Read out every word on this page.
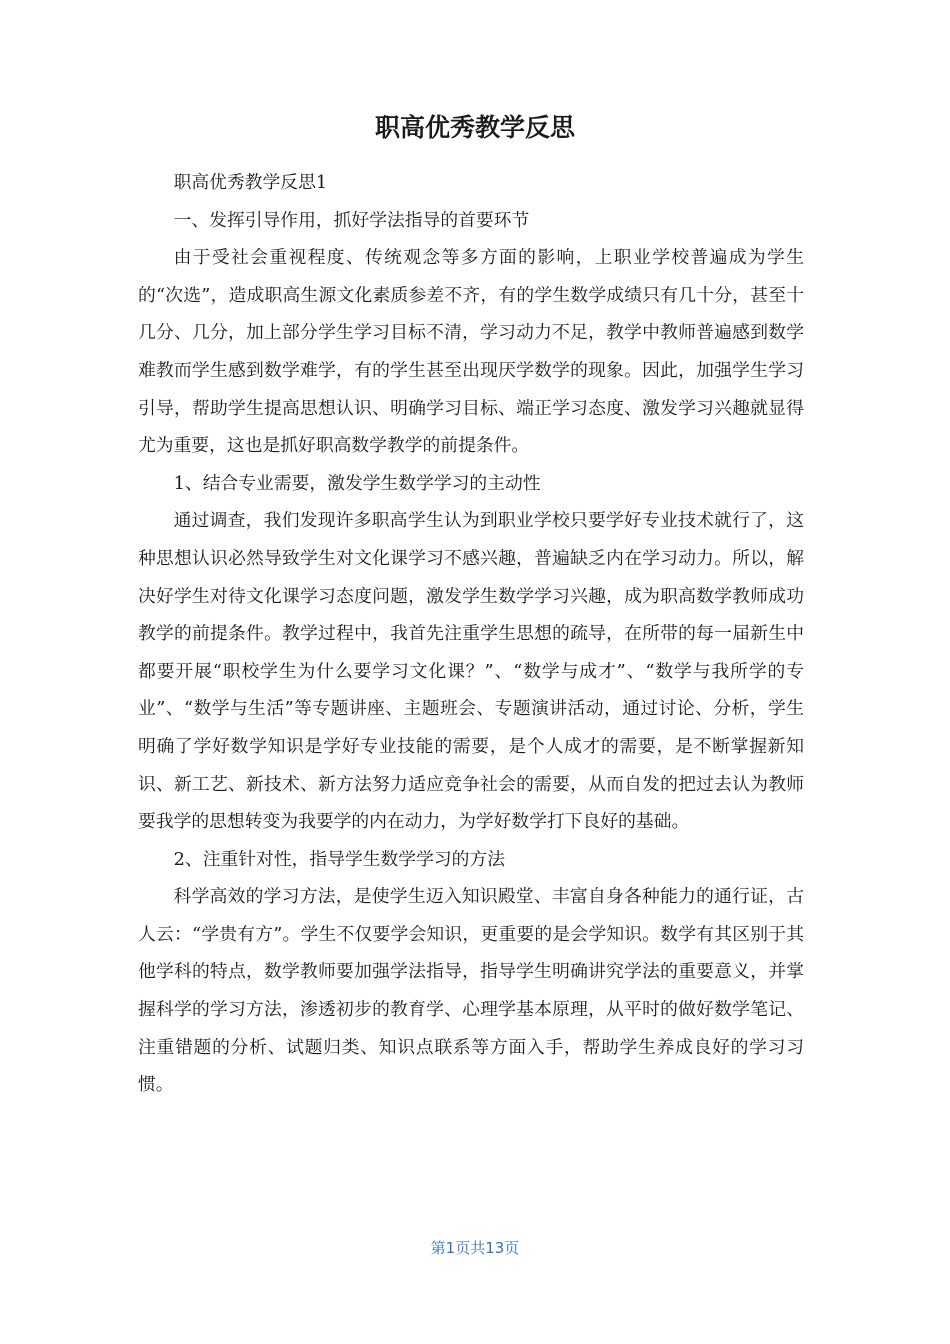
职高优秀教学反思

职高优秀教学反思1

一、发挥引导作用，抓好学法指导的首要环节

由于受社会重视程度、传统观念等多方面的影响，上职业学校普遍成为学生的“次选”，造成职高生源文化素质参差不齐，有的学生数学成绩只有几十分，甚至十几分、几分，加上部分学生学习目标不清，学习动力不足，教学中教师普遍感到数学难教而学生感到数学难学，有的学生甚至出现厌学数学的现象。因此，加强学生学习引导，帮助学生提高思想认识、明确学习目标、端正学习态度、激发学习兴趣就显得尤为重要，这也是抓好职高数学教学的前提条件。

1、结合专业需要，激发学生数学学习的主动性

通过调查，我们发现许多职高学生认为到职业学校只要学好专业技术就行了，这种思想认识必然导致学生对文化课学习不感兴趣，普遍缺乏内在学习动力。所以，解决好学生对待文化课学习态度问题，激发学生数学学习兴趣，成为职高数学教师成功教学的前提条件。教学过程中，我首先注重学生思想的疏导，在所带的每一届新生中都要开展“职校学生为什么要学习文化课？”、“数学与成才”、“数学与我所学的专业”、“数学与生活”等专题讲座、主题班会、专题演讲活动，通过讨论、分析，学生明确了学好数学知识是学好专业技能的需要，是个人成才的需要，是不断掌握新知识、新工艺、新技术、新方法努力适应竞争社会的需要，从而自发的把过去认为教师要我学的思想转变为我要学的内在动力，为学好数学打下良好的基础。

2、注重针对性，指导学生数学学习的方法

科学高效的学习方法，是使学生迈入知识殿堂、丰富自身各种能力的通行证，古人云：“学贵有方”。学生不仅要学会知识，更重要的是会学知识。数学有其区别于其他学科的特点，数学教师要加强学法指导，指导学生明确讲究学法的重要意义，并掌握科学的学习方法，渗透初步的教育学、心理学基本原理，从平时的做好数学笔记、注重错题的分析、试题归类、知识点联系等方面入手，帮助学生养成良好的学习习惯。

第1页共13页
